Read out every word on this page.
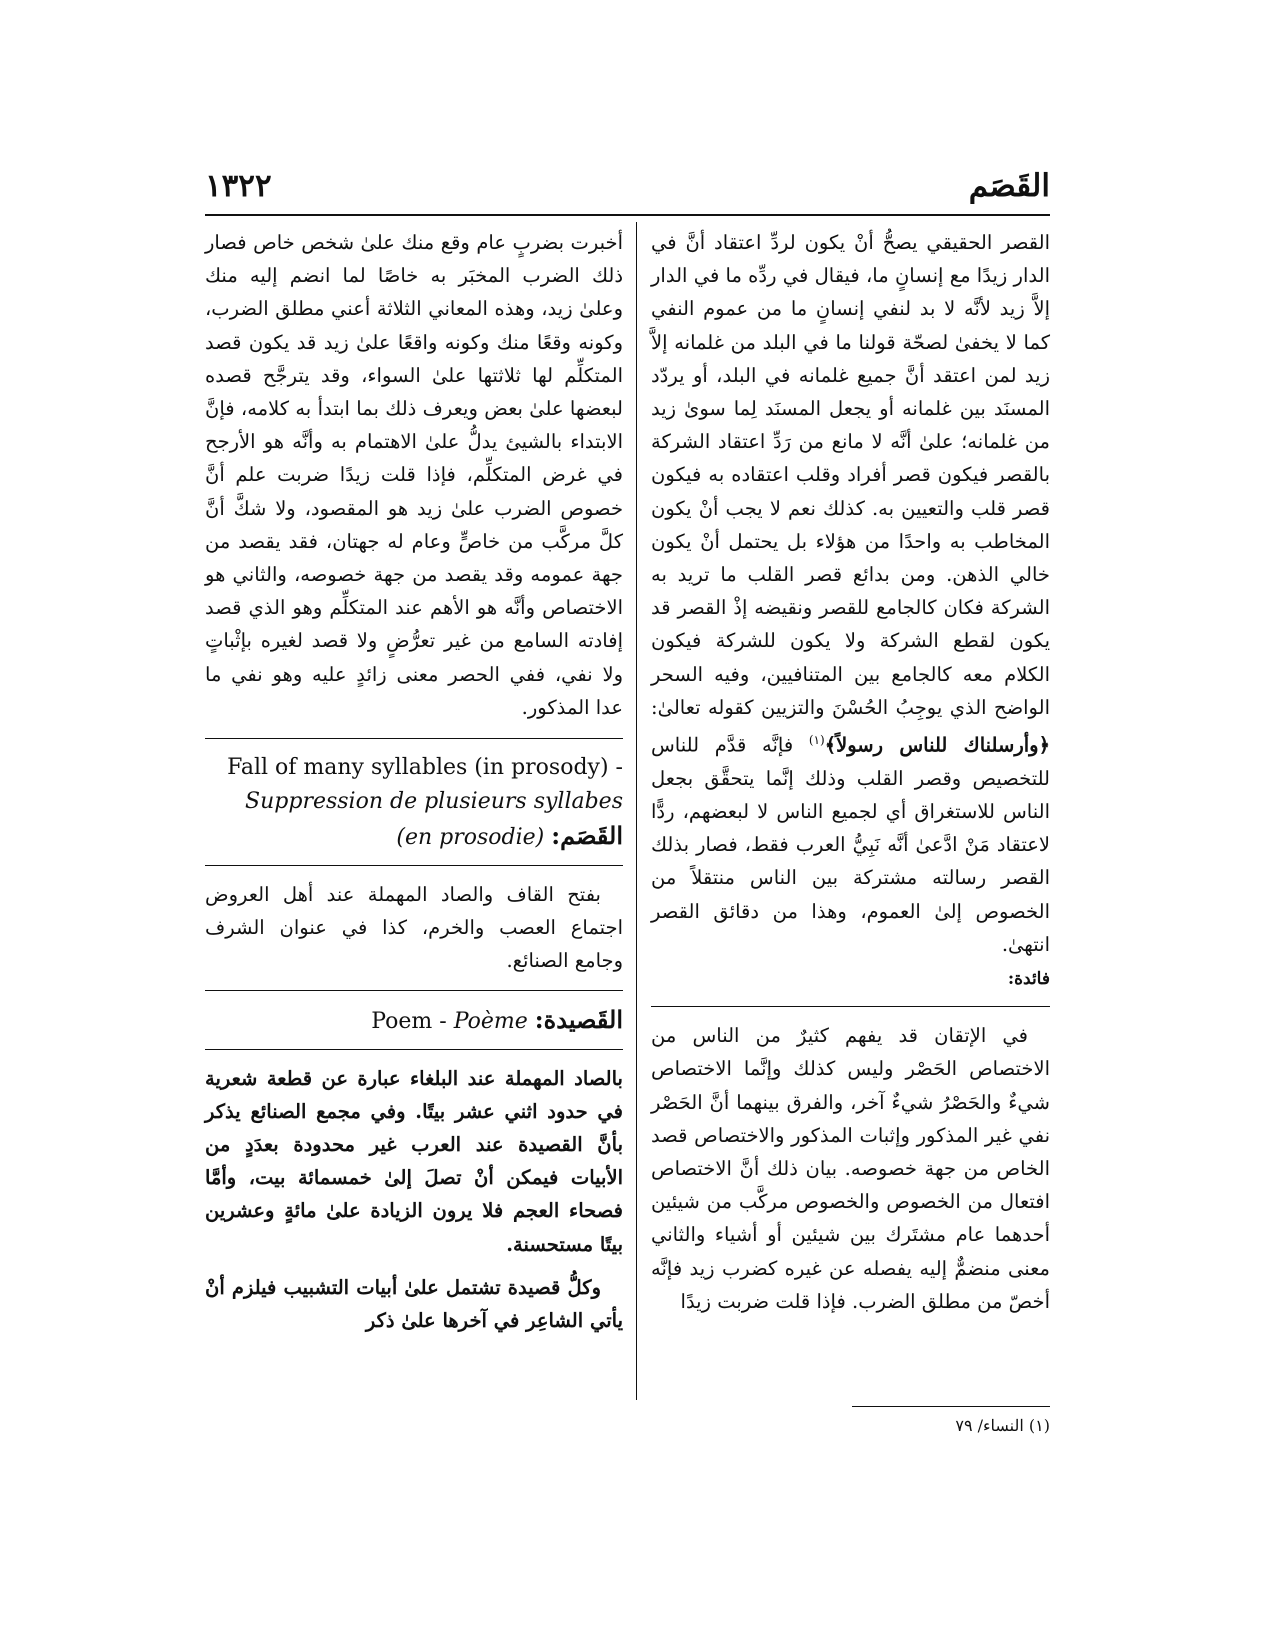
القَصَم
١٣٢٢

القصر الحقيقي يصحُّ أنْ يكون لردِّ اعتقاد أنَّ في الدار زيدًا مع إنسانٍ ما، فيقال في ردِّه ما في الدار إلاَّ زيد لأنَّه لا بد لنفي إنسانٍ ما من عموم النفي كما لا يخفىٰ لصحّة قولنا ما في البلد من غلمانه إلاَّ زيد لمن اعتقد أنَّ جميع غلمانه في البلد، أو يردّد المسنَد بين غلمانه أو يجعل المسنَد لِما سوىٰ زيد من غلمانه؛ علىٰ أنَّه لا مانع من رَدِّ اعتقاد الشركة بالقصر فيكون قصر أفراد وقلب اعتقاده به فيكون قصر قلب والتعيين به. كذلك نعم لا يجب أنْ يكون المخاطب به واحدًا من هؤلاء بل يحتمل أنْ يكون خالي الذهن. ومن بدائع قصر القلب ما تريد به الشركة فكان كالجامع للقصر ونقيضه إذْ القصر قد يكون لقطع الشركة ولا يكون للشركة فيكون الكلام معه كالجامع بين المتنافيين، وفيه السحر الواضح الذي يوجِبُ الحُسْنَ والتزيين كقوله تعالىٰ: ﴿وأرسلناك للناس رسولاً﴾$^{(١)}$ فإنَّه قدَّم للناس للتخصيص وقصر القلب وذلك إنَّما يتحقَّق بجعل الناس للاستغراق أي لجميع الناس لا لبعضهم، ردًّا لاعتقاد مَنْ ادَّعىٰ أنَّه نَبِيُّ العرب فقط، فصار بذلك القصر رسالته مشتركة بين الناس منتقلاً من الخصوص إلىٰ العموم، وهذا من دقائق القصر انتهىٰ.

فائدة:

في الإتقان قد يفهم كثيرٌ من الناس من الاختصاص الحَصْر وليس كذلك وإنَّما الاختصاص شيءٌ والحَصْرُ شيءٌ آخر، والفرق بينهما أنَّ الحَصْر نفي غير المذكور وإثبات المذكور والاختصاص قصد الخاص من جهة خصوصه. بيان ذلك أنَّ الاختصاص افتعال من الخصوص والخصوص مركَّب من شيئين أحدهما عام مشتَرك بين شيئين أو أشياء والثاني معنى منضمٌّ إليه يفصله عن غيره كضرب زيد فإنَّه أخصّ من مطلق الضرب. فإذا قلت ضربت زيدًا

أخبرت بضربٍ عام وقع منك علىٰ شخص خاص فصار ذلك الضرب المخبَر به خاصًا لما انضم إليه منك وعلىٰ زيد، وهذه المعاني الثلاثة أعني مطلق الضرب، وكونه وقعًا منك وكونه واقعًا علىٰ زيد قد يكون قصد المتكلِّم لها ثلاثتها علىٰ السواء، وقد يترجَّح قصده لبعضها علىٰ بعض ويعرف ذلك بما ابتدأ به كلامه، فإنَّ الابتداء بالشيئ يدلُّ علىٰ الاهتمام به وأنَّه هو الأرجح في غرض المتكلِّم، فإذا قلت زيدًا ضربت علم أنَّ خصوص الضرب علىٰ زيد هو المقصود، ولا شكَّ أنَّ كلَّ مركَّب من خاصٍّ وعام له جهتان، فقد يقصد من جهة عمومه وقد يقصد من جهة خصوصه، والثاني هو الاختصاص وأنَّه هو الأهم عند المتكلِّم وهو الذي قصد إفادته السامع من غير تعرُّضٍ ولا قصد لغيره بإثْباتٍ ولا نفي، ففي الحصر معنى زائدٍ عليه وهو نفي ما عدا المذكور.

Fall of many syllables (in prosody) - Suppression de plusieurs syllabes (en prosodie) القَصَم:

بفتح القاف والصاد المهملة عند أهل العروض اجتماع العصب والخرم، كذا في عنوان الشرف وجامع الصنائع.

Poem - Poème القَصيدة:

بالصاد المهملة عند البلغاء عبارة عن قطعة شعرية في حدود اثني عشر بيتًا. وفي مجمع الصنائع يذكر بأنَّ القصيدة عند العرب غير محدودة بعدَدٍ من الأبيات فيمكن أنْ تصلَ إلىٰ خمسمائة بيت، وأمَّا فصحاء العجم فلا يرون الزيادة علىٰ مائةٍ وعشرين بيتًا مستحسنة.

وكلُّ قصيدة تشتمل علىٰ أبيات التشبيب فيلزم أنْ يأتي الشاعِر في آخرها علىٰ ذكر

(١) النساء/ ٧٩
